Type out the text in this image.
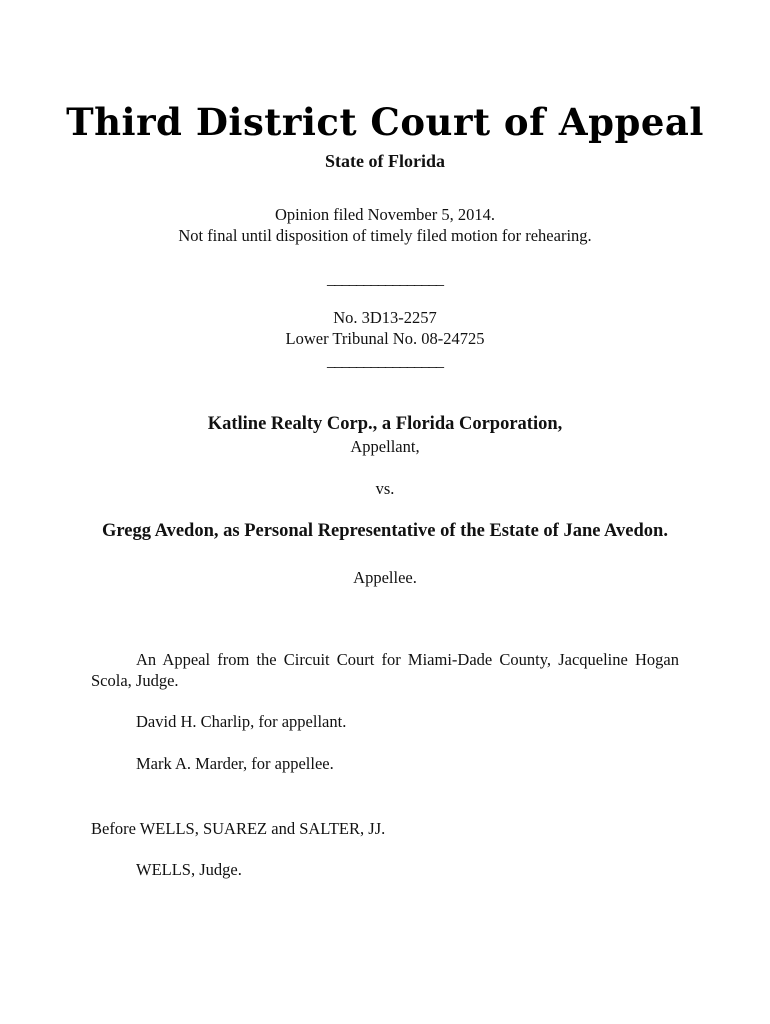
Third District Court of Appeal
State of Florida
Opinion filed November 5, 2014.
Not final until disposition of timely filed motion for rehearing.
________________
No. 3D13-2257
Lower Tribunal No. 08-24725
________________
Katline Realty Corp., a Florida Corporation,
Appellant,
vs.
Gregg Avedon, as Personal Representative of the Estate of Jane Avedon.
Appellee.
An Appeal from the Circuit Court for Miami-Dade County, Jacqueline Hogan Scola, Judge.
David H. Charlip, for appellant.
Mark A. Marder, for appellee.
Before WELLS, SUAREZ and SALTER, JJ.
WELLS, Judge.
